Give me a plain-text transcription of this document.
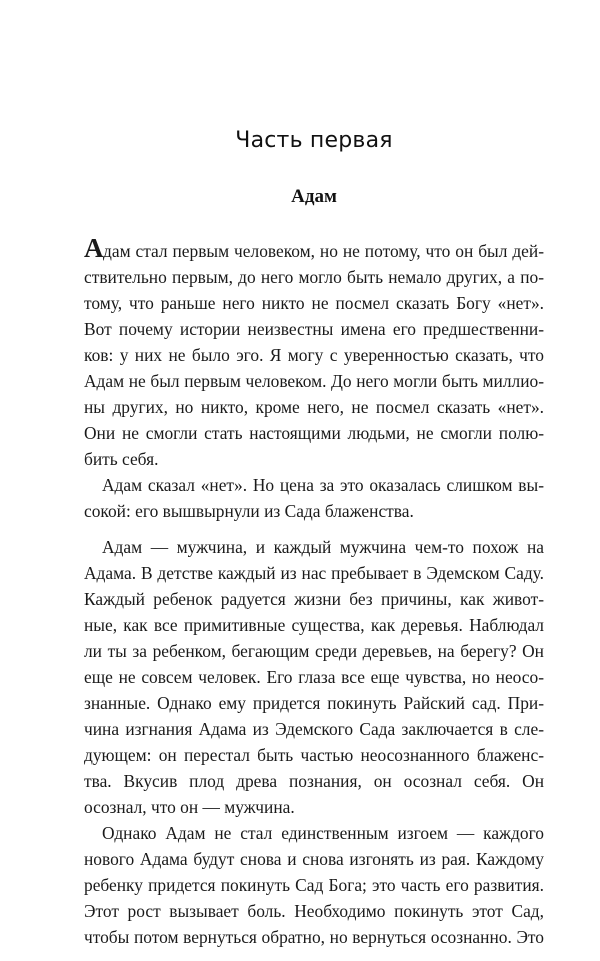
Часть первая
Адам
Адам стал первым человеком, но не потому, что он был дей-
ствительно первым, до него могло быть немало других, а по-
тому, что раньше него никто не посмел сказать Богу «нет».
Вот почему истории неизвестны имена его предшественни-
ков: у них не было эго. Я могу с уверенностью сказать, что
Адам не был первым человеком. До него могли быть миллио-
ны других, но никто, кроме него, не посмел сказать «нет».
Они не смогли стать настоящими людьми, не смогли полю-
бить себя.
Адам сказал «нет». Но цена за это оказалась слишком вы-
сокой: его вышвырнули из Сада блаженства.
Адам — мужчина, и каждый мужчина чем-то похож на
Адама. В детстве каждый из нас пребывает в Эдемском Саду.
Каждый ребенок радуется жизни без причины, как живот-
ные, как все примитивные существа, как деревья. Наблюдал
ли ты за ребенком, бегающим среди деревьев, на берегу? Он
еще не совсем человек. Его глаза все еще чувства, но неосо-
знанные. Однако ему придется покинуть Райский сад. При-
чина изгнания Адама из Эдемского Сада заключается в сле-
дующем: он перестал быть частью неосознанного блаженс-
тва. Вкусив плод древа познания, он осознал себя. Он
осознал, что он — мужчина.
Однако Адам не стал единственным изгоем — каждого
нового Адама будут снова и снова изгонять из рая. Каждому
ребенку придется покинуть Сад Бога; это часть его развития.
Этот рост вызывает боль. Необходимо покинуть этот Сад,
чтобы потом вернуться обратно, но вернуться осознанно. Это
